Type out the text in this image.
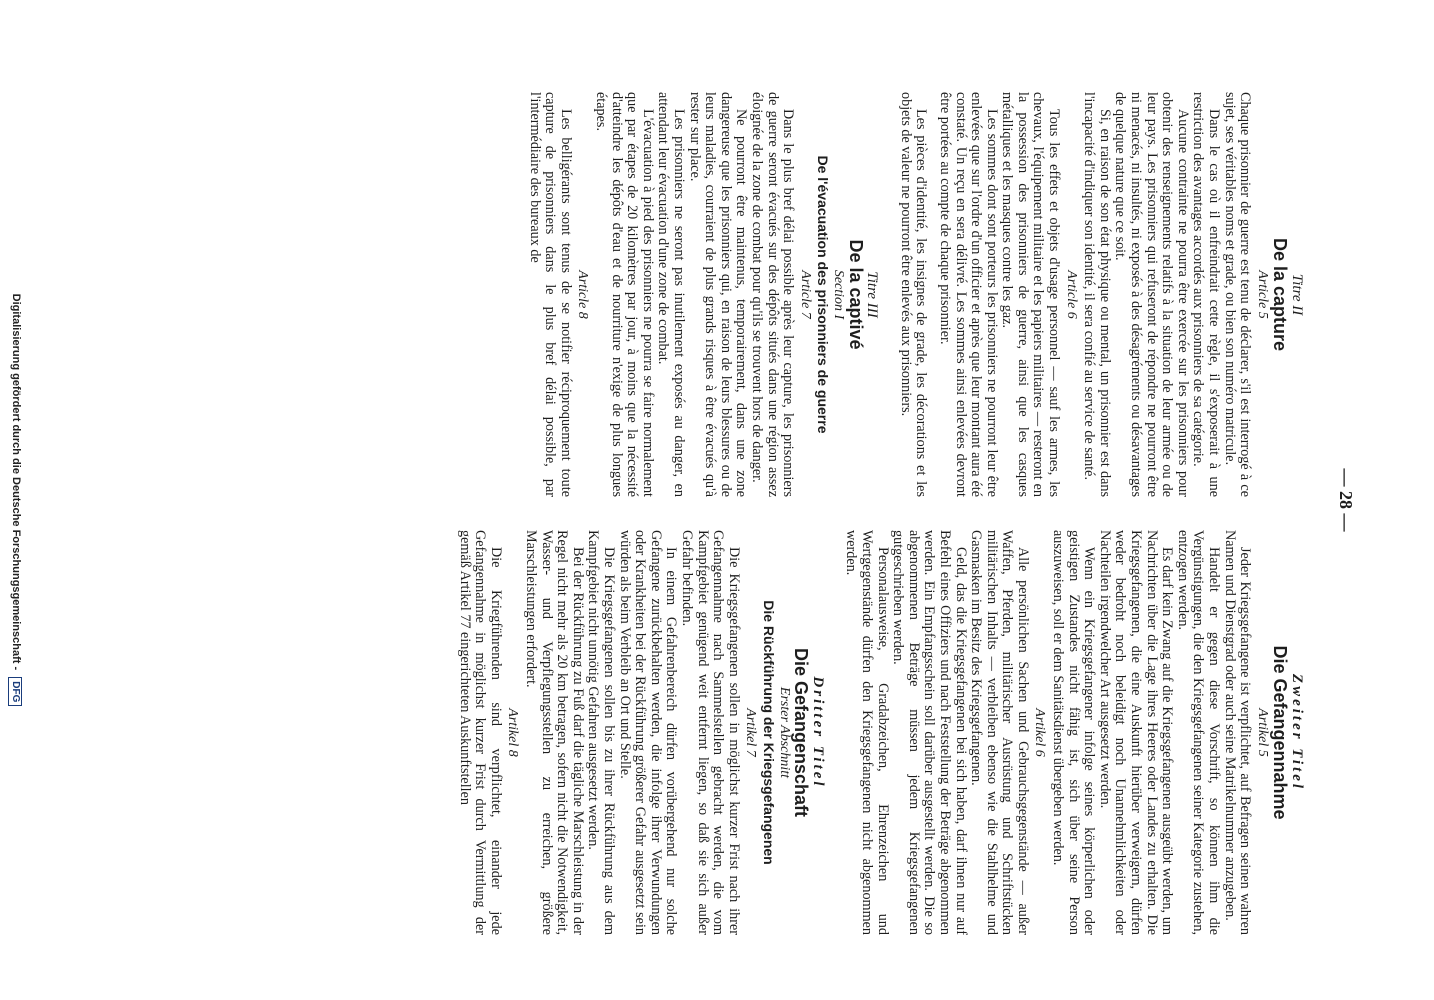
— 28 —
Titre II
De la capture
Article 5

Chaque prisonnier de guerre est tenu de déclarer, s'il est interrogé à ce sujet, ses véritables noms et grade, ou bien son numéro matricule.

Dans le cas où il enfreindrait cette règle, il s'exposerait à une restriction des avantages accordés aux prisonniers de sa catégorie.

Aucune contrainte ne pourra être exercée sur les prisonniers pour obtenir des renseignements relatifs à la situation de leur armée ou de leur pays. Les prisonniers qui refuseront de répondre ne pourront être ni menacés, ni insultés, ni exposés à des désagréments ou désavantages de quelque nature que ce soit.

Si, en raison de son état physique ou mental, un prisonnier est dans l'incapacité d'indiquer son identité, il sera confié au service de santé.

Article 6

Tous les effets et objets d'usage personnel — sauf les armes, les chevaux, l'équipement militaire et les papiers militaires — resteront en la possession des prisonniers de guerre, ainsi que les casques métalliques et les masques contre les gaz.

Les sommes dont sont porteurs les prisonniers ne pourront leur être enlevées que sur l'ordre d'un officier et après que leur montant aura été constaté. Un reçu en sera délivré. Les sommes ainsi enlevées devront être portées au compte de chaque prisonnier.

Les pièces d'identité, les insignes de grade, les décorations et les objets de valeur ne pourront être enlevés aux prisonniers.

Titre III
De la captivé
Section I
De l'évacuation des prisonniers de guerre
Article 7

Dans le plus bref délai possible après leur capture, les prisonniers de guerre seront évacués sur des dépôts situés dans une région assez éloignée de la zone de combat pour qu'ils se trouvent hors de danger.

Ne pourront être maintenus, temporairement, dans une zone dangereuse que les prisonniers qui, en raison de leurs blessures ou de leurs maladies, courraient de plus grands risques à être évacués qu'à rester sur place.

Les prisonniers ne seront pas inutilement exposés au danger, en attendant leur évacuation d'une zone de combat.

L'évacuation à pied des prisonniers ne pourra se faire normalement que par étapes de 20 kilomètres par jour, à moins que la nécessité d'atteindre les dépôts d'eau et de nourriture n'exige de plus longues étapes.

Article 8

Les belligérants sont tenus de se notifier réciproquement toute capture de prisonniers dans le plus bref délai possible, par l'intermédiaire des bureaux de

Zweiter Titel
Die Gefangennahme
Artikel 5

Jeder Kriegsgefangene ist verpflichtet, auf Befragen seinen wahren Namen und Dienstgrad oder auch seine Matrikelnummer anzugeben.

Handelt er gegen diese Vorschrift, so können ihm die Vergünstigungen, die den Kriegsgefangenen seiner Kategorie zustehen, entzogen werden.

Es darf kein Zwang auf die Kriegsgefangenen ausgeübt werden, um Nachrichten über die Lage ihres Heeres oder Landes zu erhalten. Die Kriegsgefangenen, die eine Auskunft hierüber verweigern, dürfen weder bedroht noch beleidigt noch Unannehmlichkeiten oder Nachteilen irgendwelcher Art ausgesetzt werden.

Wenn ein Kriegsgefangener infolge seines körperlichen oder geistigen Zustandes nicht fähig ist, sich über seine Person auszuweisen, soll er dem Sanitätsdienst übergeben werden.

Artikel 6

Alle persönlichen Sachen und Gebrauchsgegenstände — außer Waffen, Pferden, militärischer Ausrüstung und Schriftstücken militärischen Inhalts — verbleiben ebenso wie die Stahlhelme und Gasmasken im Besitz des Kriegsgefangenen.

Geld, das die Kriegsgefangenen bei sich haben, darf ihnen nur auf Befehl eines Offiziers und nach Feststellung der Beträge abgenommen werden. Ein Empfangsschein soll darüber ausgestellt werden. Die so abgenommenen Beträge müssen jedem Kriegsgefangenen gutgeschrieben werden.

Personalausweise, Gradabzeichen, Ehrenzeichen und Wertgegenstände dürfen den Kriegsgefangenen nicht abgenommen werden.

Dritter Titel
Die Gefangenschaft
Erster Abschnitt
Die Rückführung der Kriegsgefangenen
Artikel 7

Die Kriegsgefangenen sollen in möglichst kurzer Frist nach ihrer Gefangennahme nach Sammelstellen gebracht werden, die vom Kampfgebiet genügend weit entfernt liegen, so daß sie sich außer Gefahr befinden.

In einem Gefahrenbereich dürfen vorübergehend nur solche Gefangene zurückbehalten werden, die infolge ihrer Verwundungen oder Krankheiten bei der Rückführung größerer Gefahr ausgesetzt sein würden als beim Verbleib an Ort und Stelle.

Die Kriegsgefangenen sollen bis zu ihrer Rückführung aus dem Kampfgebiet nicht unnötig Gefahren ausgesetzt werden.

Bei der Rückführung zu Fuß darf die tägliche Marschleistung in der Regel nicht mehr als 20 km betragen, sofern nicht die Notwendigkeit, Wasser- und Verpflegungsstellen zu erreichen, größere Marschleistungen erfordert.

Artikel 8

Die Kriegführenden sind verpflichtet, einander jede Gefangennahme in möglichst kurzer Frist durch Vermittlung der gemäß Artikel 77 eingerichteten Auskunftstellen

Digitalisierung gefördert durch die Deutsche Forschungsgemeinschaft - DFG
